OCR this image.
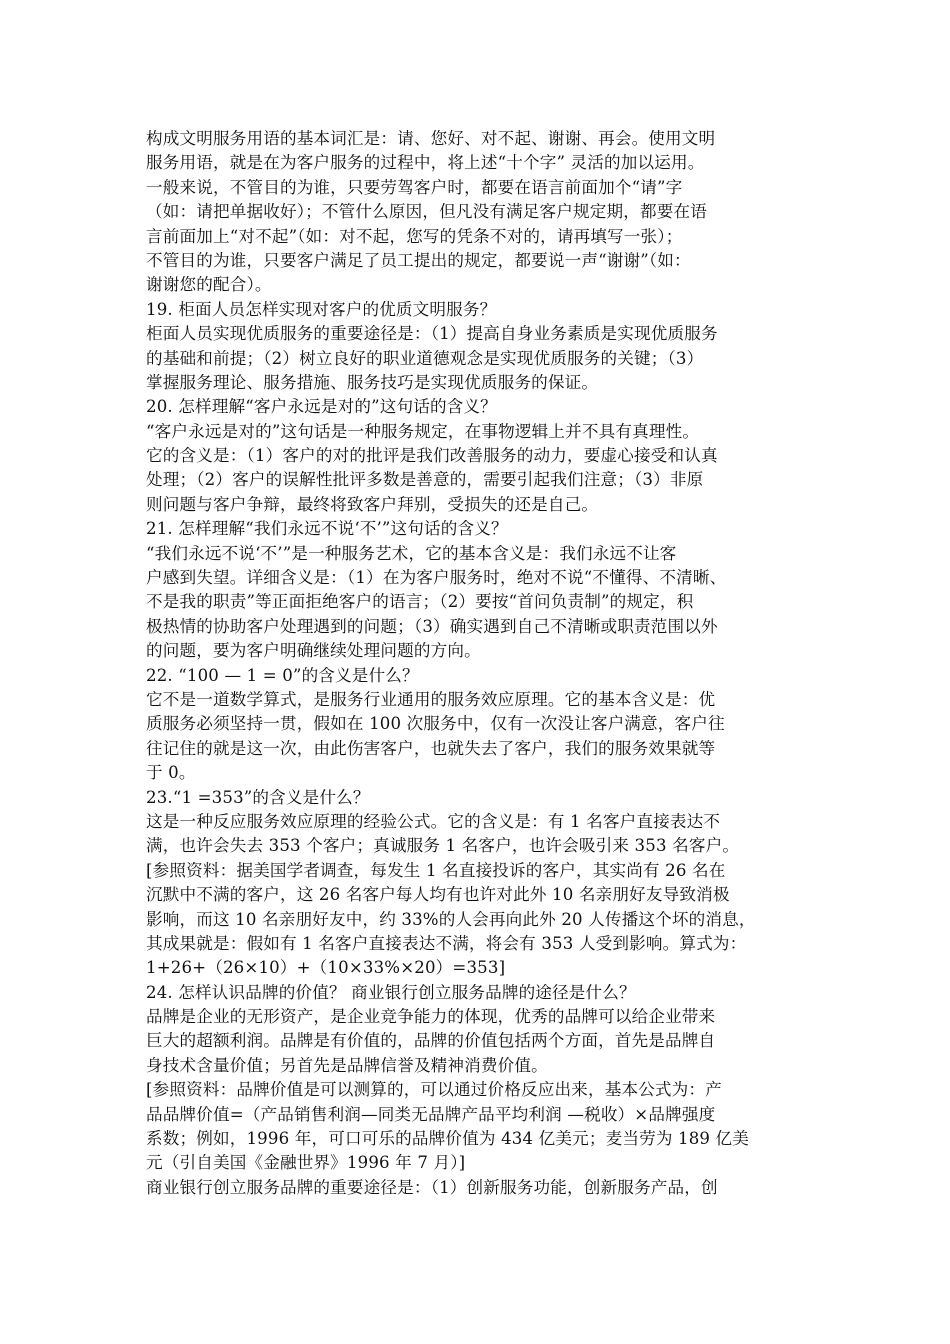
构成文明服务用语的基本词汇是：请、您好、对不起、谢谢、再会。使用文明
服务用语，就是在为客户服务的过程中，将上述“十个字” 灵活的加以运用。
一般来说，不管目的为谁，只要劳驾客户时，都要在语言前面加个“请”字
（如：请把单据收好）；不管什么原因，但凡没有满足客户规定期，都要在语
言前面加上“对不起”（如：对不起，您写的凭条不对的，请再填写一张）；
不管目的为谁，只要客户满足了员工提出的规定，都要说一声“谢谢”（如：
谢谢您的配合）。
19. 柜面人员怎样实现对客户的优质文明服务？
柜面人员实现优质服务的重要途径是：（1）提高自身业务素质是实现优质服务
的基础和前提；（2）树立良好的职业道德观念是实现优质服务的关键；（3）
掌握服务理论、服务措施、服务技巧是实现优质服务的保证。
20. 怎样理解“客户永远是对的”这句话的含义？
“客户永远是对的”这句话是一种服务规定，在事物逻辑上并不具有真理性。
它的含义是：（1）客户的对的批评是我们改善服务的动力，要虚心接受和认真
处理；（2）客户的误解性批评多数是善意的，需要引起我们注意；（3）非原
则问题与客户争辩，最终将致客户拜别，受损失的还是自己。
21. 怎样理解“我们永远不说‘不’”这句话的含义？
“我们永远不说‘不’”是一种服务艺术，它的基本含义是：我们永远不让客
户感到失望。详细含义是：（1）在为客户服务时，绝对不说“不懂得、不清晰、
不是我的职责”等正面拒绝客户的语言；（2）要按“首问负责制”的规定，积
极热情的协助客户处理遇到的问题；（3）确实遇到自己不清晰或职责范围以外
的问题，要为客户明确继续处理问题的方向。
22. “100 — 1 = 0”的含义是什么？
它不是一道数学算式，是服务行业通用的服务效应原理。它的基本含义是：优
质服务必须坚持一贯，假如在 100 次服务中，仅有一次没让客户满意，客户往
往记住的就是这一次，由此伤害客户，也就失去了客户，我们的服务效果就等
于 0。
23.“1 =353”的含义是什么？
这是一种反应服务效应原理的经验公式。它的含义是：有 1 名客户直接表达不
满，也许会失去 353 个客户；真诚服务 1 名客户，也许会吸引来 353 名客户。
[参照资料：据美国学者调查，每发生 1 名直接投诉的客户，其实尚有 26 名在
沉默中不满的客户，这 26 名客户每人均有也许对此外 10 名亲朋好友导致消极
影响，而这 10 名亲朋好友中，约 33%的人会再向此外 20 人传播这个坏的消息，
其成果就是：假如有 1 名客户直接表达不满，将会有 353 人受到影响。算式为：
1+26+（26×10）+（10×33%×20）=353]
24. 怎样认识品牌的价值？ 商业银行创立服务品牌的途径是什么？
品牌是企业的无形资产，是企业竞争能力的体现，优秀的品牌可以给企业带来
巨大的超额利润。品牌是有价值的，品牌的价值包括两个方面，首先是品牌自
身技术含量价值；另首先是品牌信誉及精神消费价值。
[参照资料：品牌价值是可以测算的，可以通过价格反应出来，基本公式为：产
品品牌价值=（产品销售利润—同类无品牌产品平均利润 —税收）×品牌强度
系数；例如，1996 年，可口可乐的品牌价值为 434 亿美元；麦当劳为 189 亿美
元（引自美国《金融世界》1996 年 7 月）]
商业银行创立服务品牌的重要途径是：（1）创新服务功能，创新服务产品，创
